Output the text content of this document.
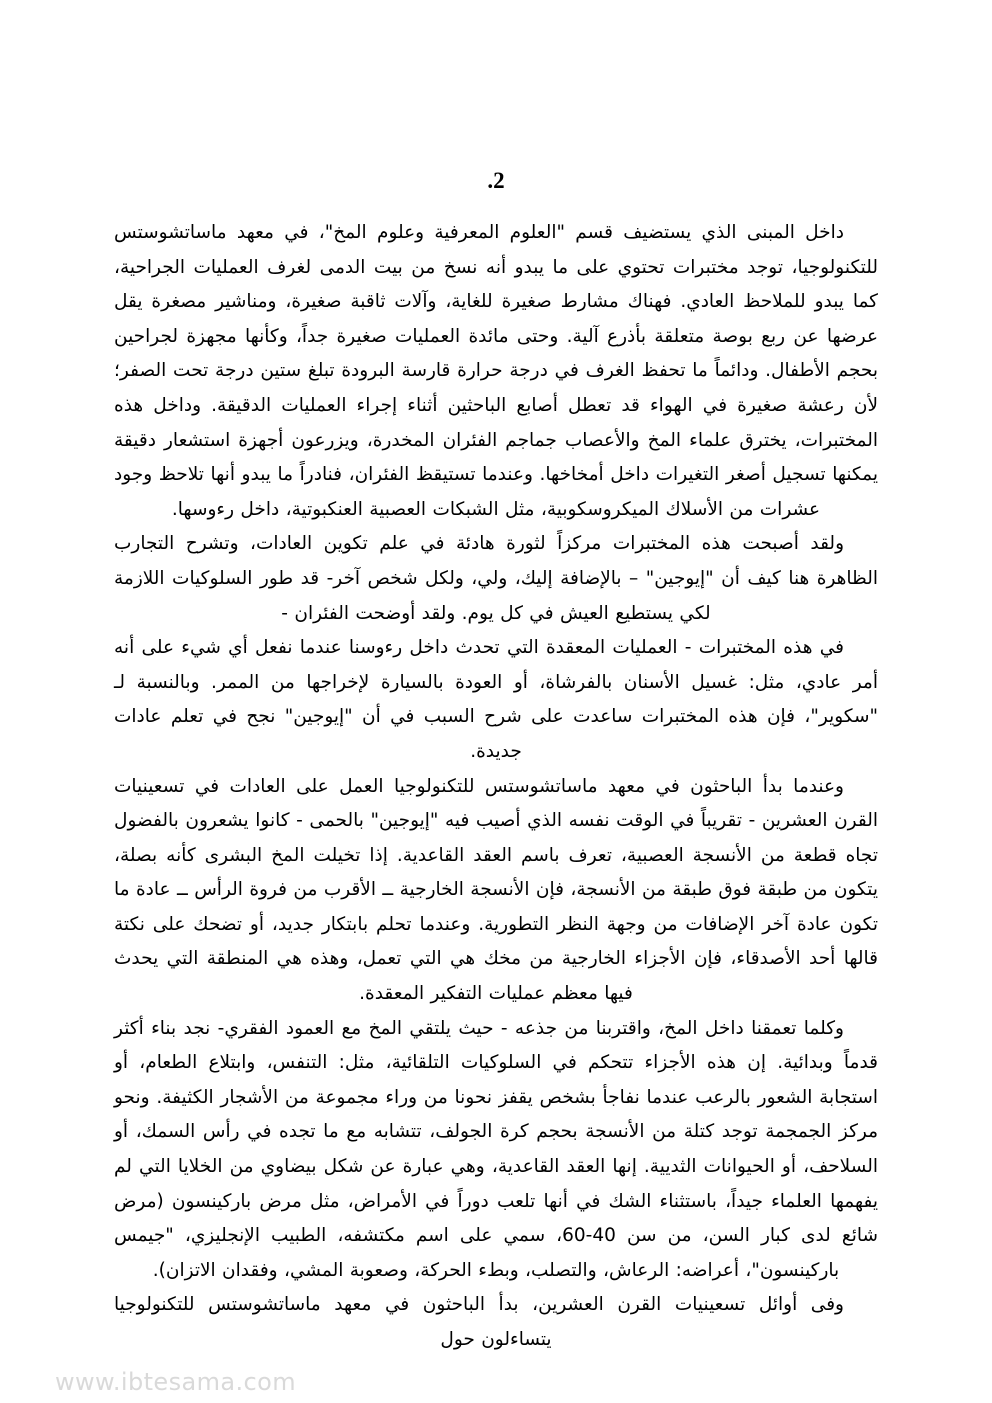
.2

داخل المبنى الذي يستضيف قسم "العلوم المعرفية وعلوم المخ"، في معهد ماساتشوستس للتكنولوجيا، توجد مختبرات تحتوي على ما يبدو أنه نسخ من بيت الدمى لغرف العمليات الجراحية، كما يبدو للملاحظ العادي. فهناك مشارط صغيرة للغاية، وآلات ثاقبة صغيرة، ومناشير مصغرة يقل عرضها عن ربع بوصة متعلقة بأذرع آلية. وحتى مائدة العمليات صغيرة جداً، وكأنها مجهزة لجراحين بحجم الأطفال. ودائماً ما تحفظ الغرف في درجة حرارة قارسة البرودة تبلغ ستين درجة تحت الصفر؛ لأن رعشة صغيرة في الهواء قد تعطل أصابع الباحثين أثناء إجراء العمليات الدقيقة. وداخل هذه المختبرات، يخترق علماء المخ والأعصاب جماجم الفئران المخدرة، ويزرعون أجهزة استشعار دقيقة يمكنها تسجيل أصغر التغيرات داخل أمخاخها. وعندما تستيقظ الفئران، فنادراً ما يبدو أنها تلاحظ وجود عشرات من الأسلاك الميكروسكوبية، مثل الشبكات العصبية العنكبوتية، داخل رءوسها.

ولقد أصبحت هذه المختبرات مركزاً لثورة هادئة في علم تكوين العادات، وتشرح التجارب الظاهرة هنا كيف أن "إيوجين" – بالإضافة إليك، ولي، ولكل شخص آخر- قد طور السلوكيات اللازمة لكي يستطيع العيش في كل يوم. ولقد أوضحت الفئران -

في هذه المختبرات - العمليات المعقدة التي تحدث داخل رءوسنا عندما نفعل أي شيء على أنه أمر عادي، مثل: غسيل الأسنان بالفرشاة، أو العودة بالسيارة لإخراجها من الممر. وبالنسبة لـ "سكوير"، فإن هذه المختبرات ساعدت على شرح السبب في أن "إيوجين" نجح في تعلم عادات جديدة.

وعندما بدأ الباحثون في معهد ماساتشوستس للتكنولوجيا العمل على العادات في تسعينيات القرن العشرين - تقريباً في الوقت نفسه الذي أصيب فيه "إيوجين" بالحمى - كانوا يشعرون بالفضول تجاه قطعة من الأنسجة العصبية، تعرف باسم العقد القاعدية. إذا تخيلت المخ البشرى كأنه بصلة، يتكون من طبقة فوق طبقة من الأنسجة، فإن الأنسجة الخارجية ــ الأقرب من فروة الرأس ــ عادة ما تكون عادة آخر الإضافات من وجهة النظر التطورية. وعندما تحلم بابتكار جديد، أو تضحك على نكتة قالها أحد الأصدقاء، فإن الأجزاء الخارجية من مخك هي التي تعمل، وهذه هي المنطقة التي يحدث فيها معظم عمليات التفكير المعقدة.

وكلما تعمقنا داخل المخ، واقتربنا من جذعه - حيث يلتقي المخ مع العمود الفقري- نجد بناء أكثر قدماً وبدائية. إن هذه الأجزاء تتحكم في السلوكيات التلقائية، مثل: التنفس، وابتلاع الطعام، أو استجابة الشعور بالرعب عندما نفاجأ بشخص يقفز نحونا من وراء مجموعة من الأشجار الكثيفة. ونحو مركز الجمجمة توجد كتلة من الأنسجة بحجم كرة الجولف، تتشابه مع ما تجده في رأس السمك، أو السلاحف، أو الحيوانات الثديية. إنها العقد القاعدية، وهي عبارة عن شكل بيضاوي من الخلايا التي لم يفهمها العلماء جيداً، باستثناء الشك في أنها تلعب دوراً في الأمراض، مثل مرض باركينسون (مرض شائع لدى كبار السن، من سن 40-60، سمي على اسم مكتشفه، الطبيب الإنجليزي، "جيمس باركينسون"، أعراضه: الرعاش، والتصلب، وبطء الحركة، وصعوبة المشي، وفقدان الاتزان).

وفى أوائل تسعينيات القرن العشرين، بدأ الباحثون في معهد ماساتشوستس للتكنولوجيا يتساءلون حول

www.ibtesama.com
